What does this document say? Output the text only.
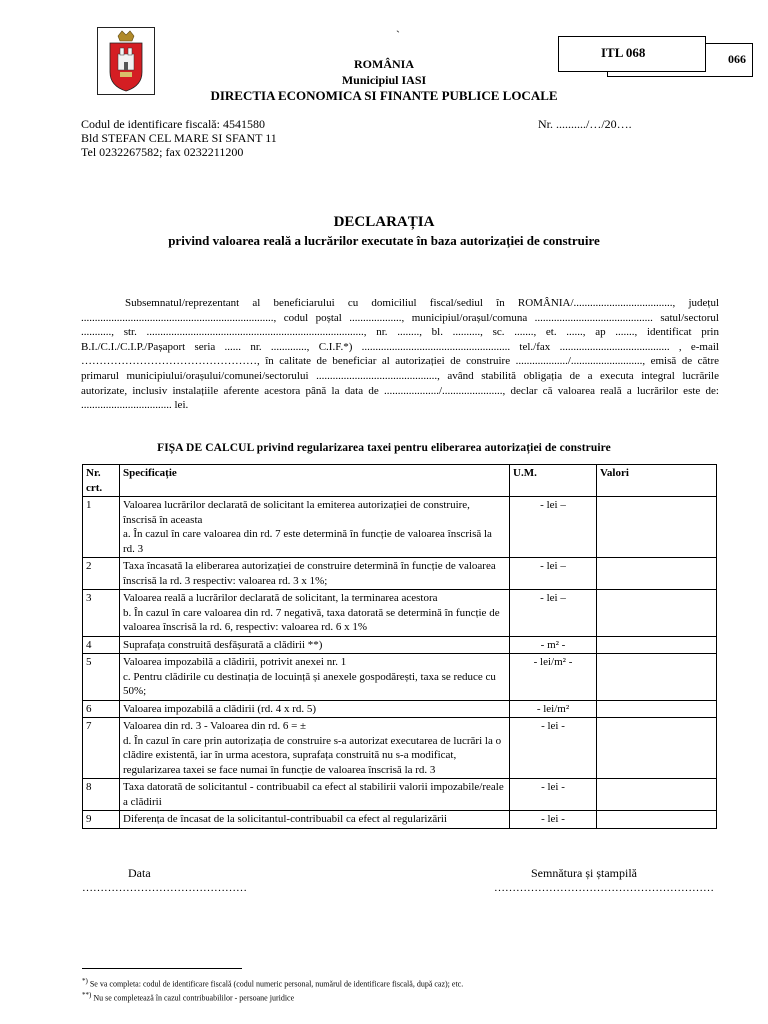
`
ROMÂNIA
Municipiul IASI
DIRECTIA ECONOMICA SI FINANTE PUBLICE LOCALE
066
ITL 068
Codul de identificare fiscală: 4541580
Bld STEFAN CEL MARE SI SFANT 11
Tel 0232267582; fax 0232211200
Nr. ........../…/20….
DECLARAȚIA
privind valoarea reală a lucrărilor executate în baza autorizației de construire
Subsemnatul/reprezentant al beneficiarului cu domiciliul fiscal/sediul în ROMÂNIA/...................................., județul ......................................................................, codul poștal ..................., municipiul/orașul/comuna ........................................... satul/sectorul ..........., str. ..............................................................................., nr. ........, bl. .........., sc. ......., et. ......, ap ......., identificat prin B.I./C.I./C.I.P./Pașaport seria ...... nr. ............., C.I.F.*) ...................................................... tel./fax ........................................ , e-mail …………………………………………, în calitate de beneficiar al autorizației de construire .................../.........................., emisă de către primarul municipiului/orașului/comunei/sectorului ............................................, având stabilită obligația de a executa integral lucrările autorizate, inclusiv instalațiile aferente acestora până la data de ..................../......................, declar că valoarea reală a lucrărilor este de: ................................. lei.
FIȘA DE CALCUL privind regularizarea taxei pentru eliberarea autorizației de construire
Nr. crt.	Specificație	U.M.	Valori
1	Valoarea lucrărilor declarată de solicitant la emiterea autorizației de construire, înscrisă în aceasta
a. În cazul în care valoarea din rd. 7 este determină în funcție de valoarea înscrisă la rd. 3	- lei –	
2	Taxa încasată la eliberarea autorizației de construire determină în funcție de valoarea înscrisă la rd. 3 respectiv: valoarea rd. 3 x 1%;	- lei –	
3	Valoarea reală a lucrărilor declarată de solicitant, la terminarea acestora
b. În cazul în care valoarea din rd. 7 negativă, taxa datorată se determină în funcție de valoarea înscrisă la rd. 6, respectiv: valoarea rd. 6 x 1%	- lei –	
4	Suprafața construită desfășurată a clădirii **)	- m² -	
5	Valoarea impozabilă a clădirii, potrivit anexei nr. 1
c. Pentru clădirile cu destinația de locuință și anexele gospodărești, taxa se reduce cu 50%;	- lei/m² -	
6	Valoarea impozabilă a clădirii (rd. 4 x rd. 5)	- lei/m²	
7	Valoarea din rd. 3 - Valoarea din rd. 6 = ±
d. În cazul în care prin autorizația de construire s-a autorizat executarea de lucrări la o clădire existentă, iar în urma acestora, suprafața construită nu s-a modificat, regularizarea taxei se face numai în funcție de valoarea înscrisă la rd. 3	- lei -	
8	Taxa datorată de solicitantul - contribuabil ca efect al stabilirii valorii impozabile/reale a clădirii	- lei -	
9	Diferența de încasat de la solicitantul-contribuabil ca efect al regularizării	- lei -	
Data
………………………………………
Semnătura și ștampilă
……………………………………………………
*) Se va completa: codul de identificare fiscală (codul numeric personal, numărul de identificare fiscală, după caz); etc.
**) Nu se completează în cazul contribuabililor - persoane juridice
